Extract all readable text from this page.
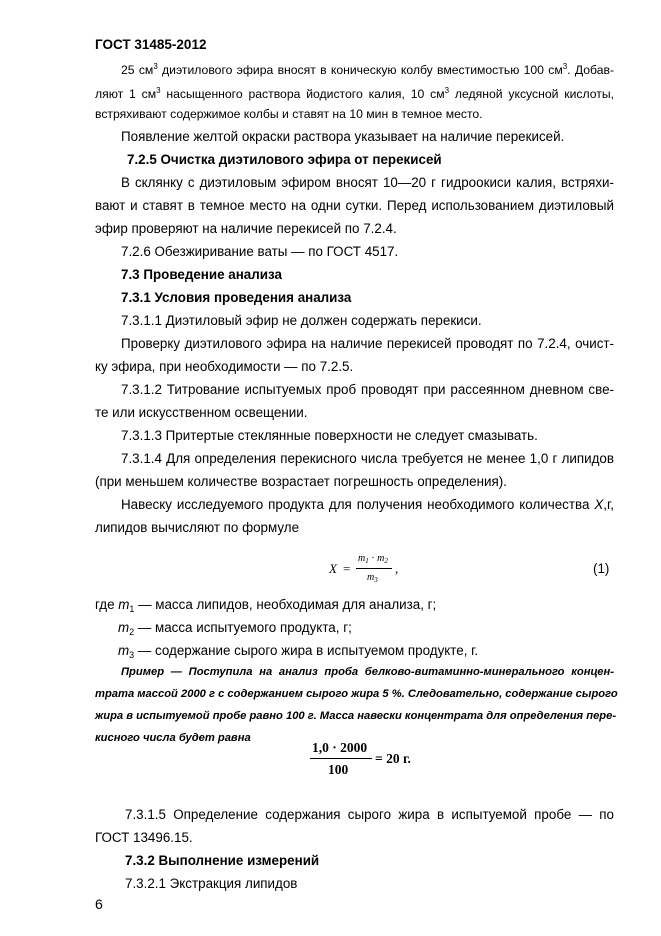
ГОСТ 31485-2012
25 $см^3$ диэтилового эфира вносят в коническую колбу вместимостью 100 $см^3$. Добав-
ляют 1 $см^3$ насыщенного раствора йодистого калия, 10 $см^3$ ледяной уксусной кислоты,
встряхивают содержимое колбы и ставят на 10 мин в темное место.
Появление желтой окраски раствора указывает на наличие перекисей.
7.2.5 Очистка диэтилового эфира от перекисей
В склянку с диэтиловым эфиром вносят 10—20 г гидроокиси калия, встряхи-
вают и ставят в темное место на одни сутки. Перед использованием диэтиловый
эфир проверяют на наличие перекисей по 7.2.4.
7.2.6 Обезжиривание ваты — по ГОСТ 4517.
7.3 Проведение анализа
7.3.1 Условия проведения анализа
7.3.1.1 Диэтиловый эфир не должен содержать перекиси.
Проверку диэтилового эфира на наличие перекисей проводят по 7.2.4, очист-
ку эфира, при необходимости — по 7.2.5.
7.3.1.2 Титрование испытуемых проб проводят при рассеянном дневном све-
те или искусственном освещении.
7.3.1.3 Притертые стеклянные поверхности не следует смазывать.
7.3.1.4 Для определения перекисного числа требуется не менее 1,0 г липидов
(при меньшем количестве возрастает погрешность определения).
Навеску исследуемого продукта для получения необходимого количества X,г,
липидов вычисляют по формуле
X =
$m_1 \cdot m_2$
$m_3$
,	(1)
где $m_1$ — масса липидов, необходимая для анализа, г;
$m_2$ — масса испытуемого продукта, г;
$m_3$ — содержание сырого жира в испытуемом продукте, г.
Пример — Поступила на анализ проба белково-витаминно-минерального концен-
трата массой 2000 г с содержанием сырого жира 5 %. Следовательно, содержание сырого
жира в испытуемой пробе равно 100 г. Масса навески концентрата для определения пере-
кисного числа будет равна
1,0 · 2000
100
= 20 г.
7.3.1.5 Определение содержания сырого жира в испытуемой пробе — по
ГОСТ 13496.15.
7.3.2 Выполнение измерений
7.3.2.1 Экстракция липидов
6
